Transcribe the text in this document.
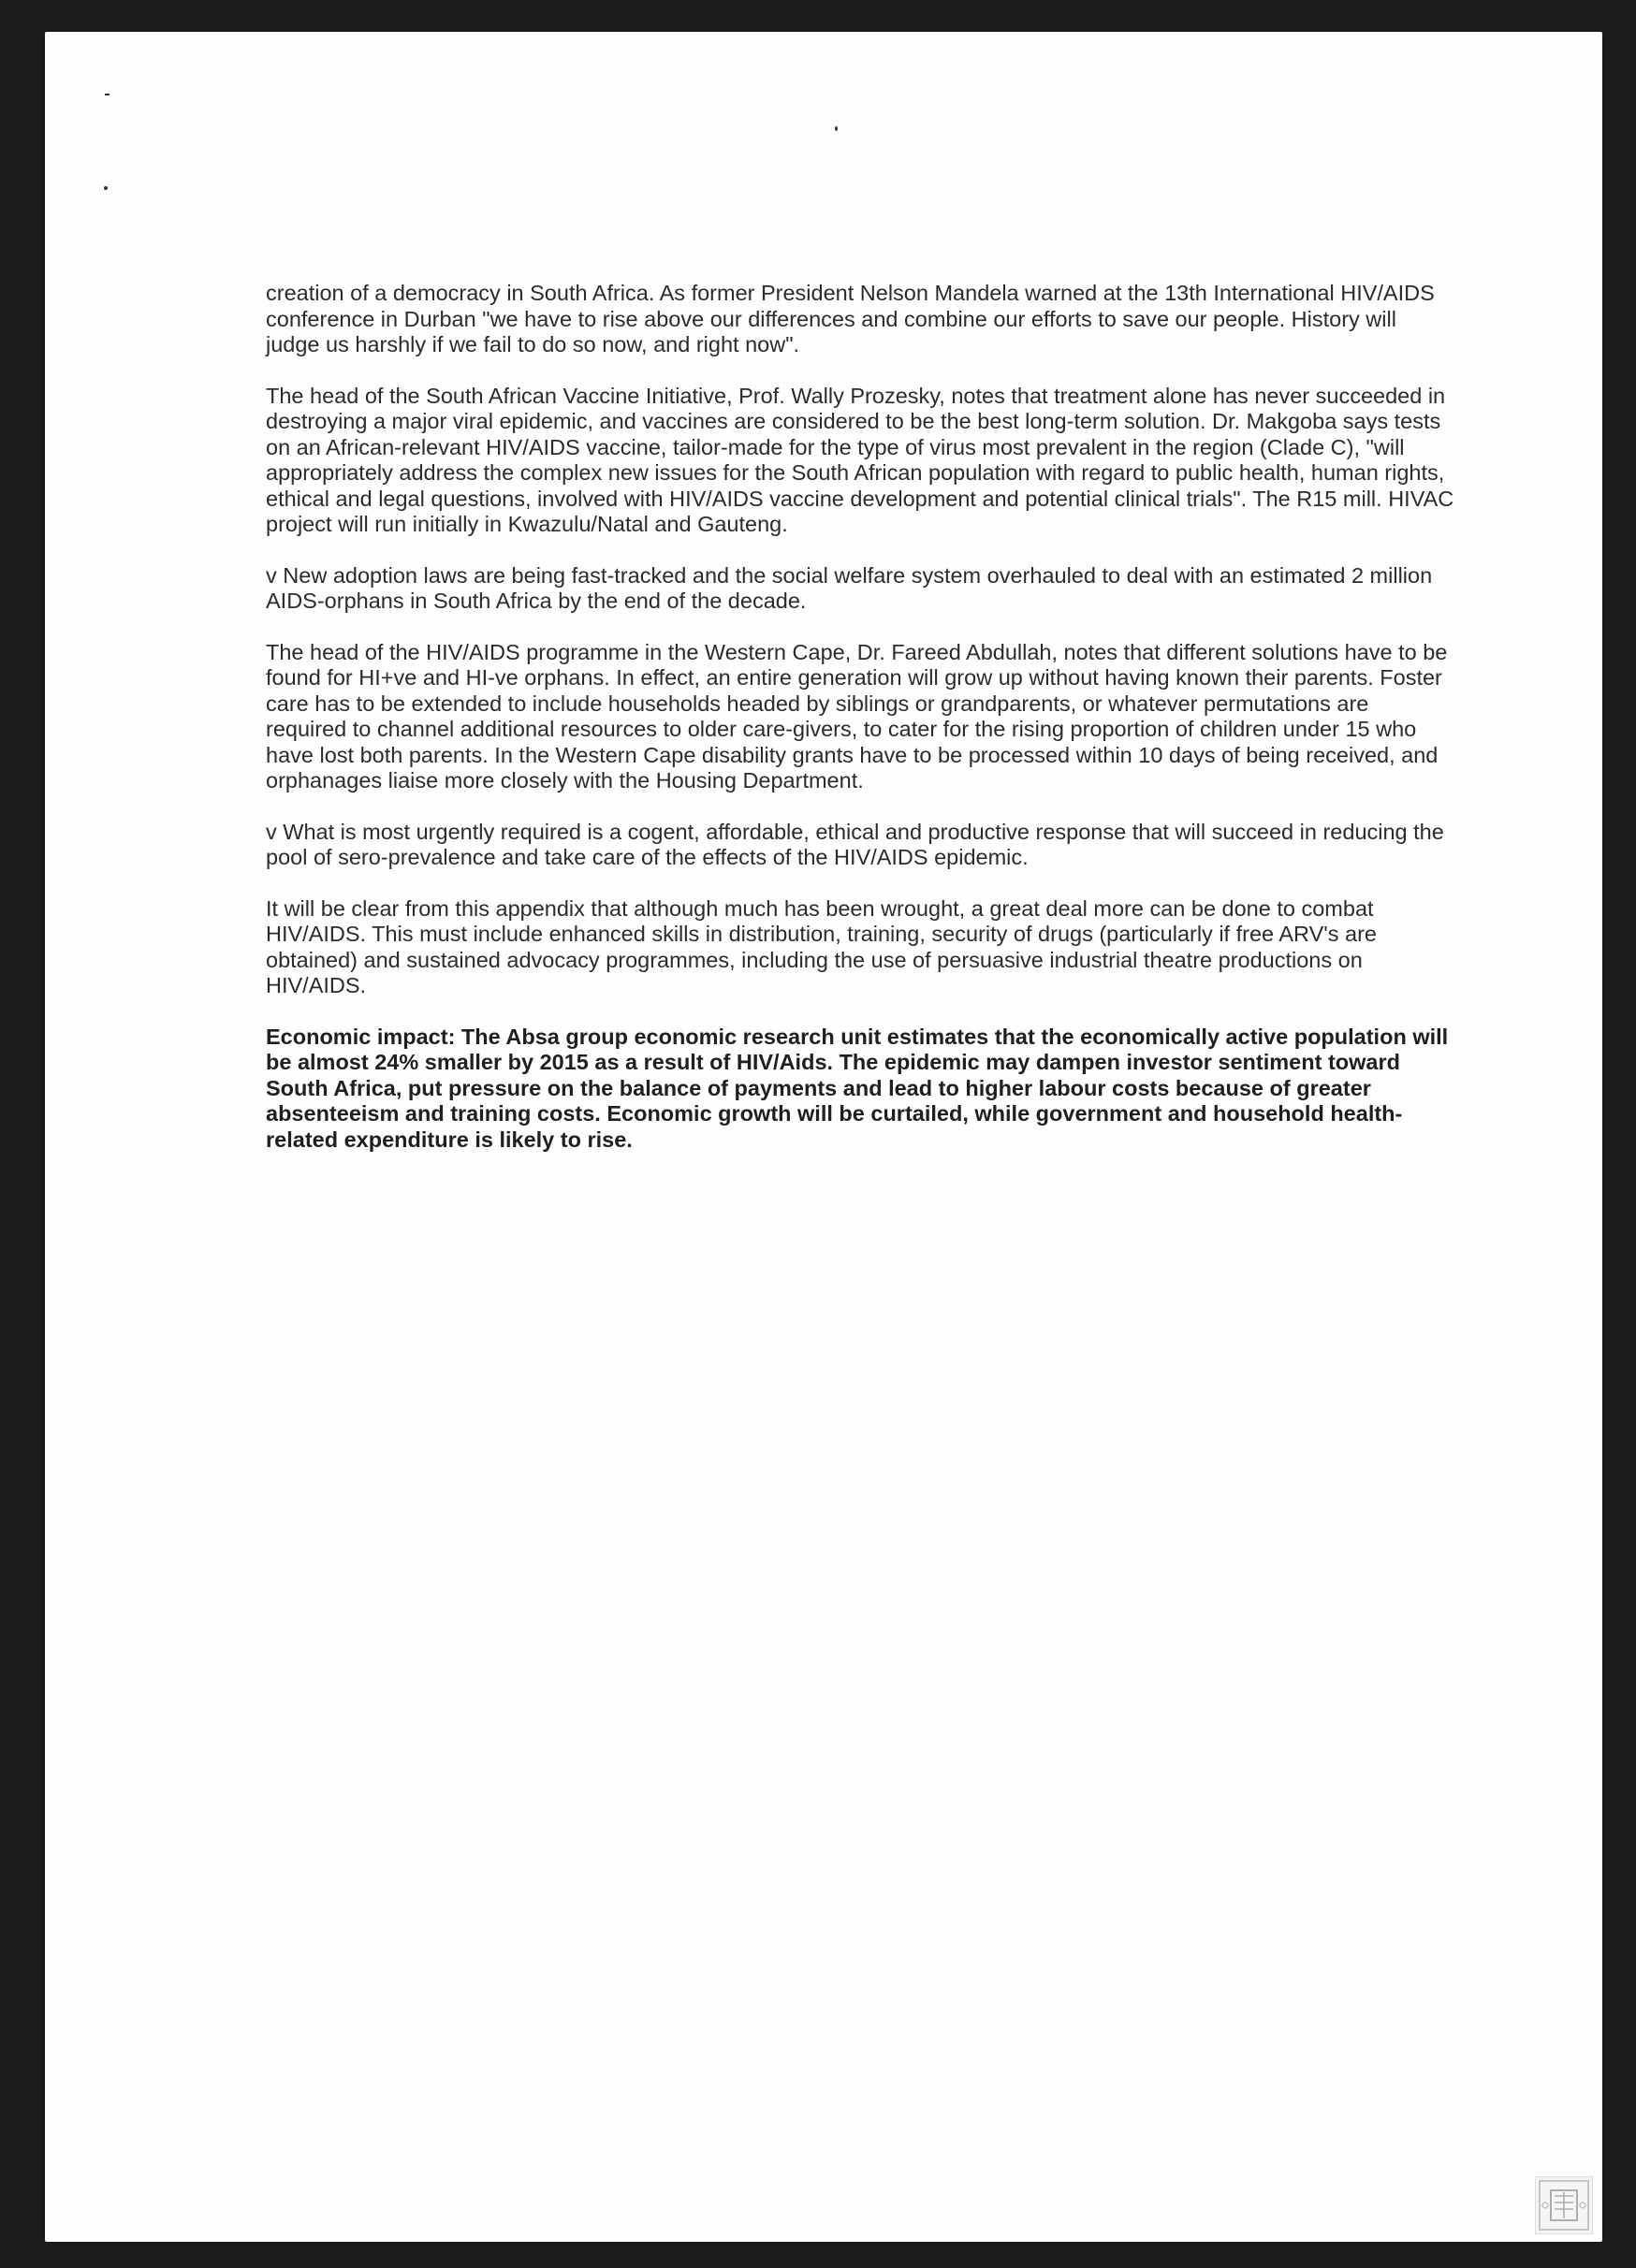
creation of a democracy in South Africa. As former President Nelson Mandela warned at the 13th International HIV/AIDS conference in Durban "we have to rise above our differences and combine our efforts to save our people. History will judge us harshly if we fail to do so now, and right now".

The head of the South African Vaccine Initiative, Prof. Wally Prozesky, notes that treatment alone has never succeeded in destroying a major viral epidemic, and vaccines are considered to be the best long-term solution. Dr. Makgoba says tests on an African-relevant HIV/AIDS vaccine, tailor-made for the type of virus most prevalent in the region (Clade C), "will appropriately address the complex new issues for the South African population with regard to public health, human rights, ethical and legal questions, involved with HIV/AIDS vaccine development and potential clinical trials". The R15 mill. HIVAC project will run initially in Kwazulu/Natal and Gauteng.

v New adoption laws are being fast-tracked and the social welfare system overhauled to deal with an estimated 2 million AIDS-orphans in South Africa by the end of the decade.

The head of the HIV/AIDS programme in the Western Cape, Dr. Fareed Abdullah, notes that different solutions have to be found for HI+ve and HI-ve orphans. In effect, an entire generation will grow up without having known their parents. Foster care has to be extended to include households headed by siblings or grandparents, or whatever permutations are required to channel additional resources to older care-givers, to cater for the rising proportion of children under 15 who have lost both parents. In the Western Cape disability grants have to be processed within 10 days of being received, and orphanages liaise more closely with the Housing Department.

v What is most urgently required is a cogent, affordable, ethical and productive response that will succeed in reducing the pool of sero-prevalence and take care of the effects of the HIV/AIDS epidemic.

It will be clear from this appendix that although much has been wrought, a great deal more can be done to combat HIV/AIDS. This must include enhanced skills in distribution, training, security of drugs (particularly if free ARV's are obtained) and sustained advocacy programmes, including the use of persuasive industrial theatre productions on HIV/AIDS.

Economic impact: The Absa group economic research unit estimates that the economically active population will be almost 24% smaller by 2015 as a result of HIV/Aids. The epidemic may dampen investor sentiment toward South Africa, put pressure on the balance of payments and lead to higher labour costs because of greater absenteeism and training costs. Economic growth will be curtailed, while government and household health-related expenditure is likely to rise.
